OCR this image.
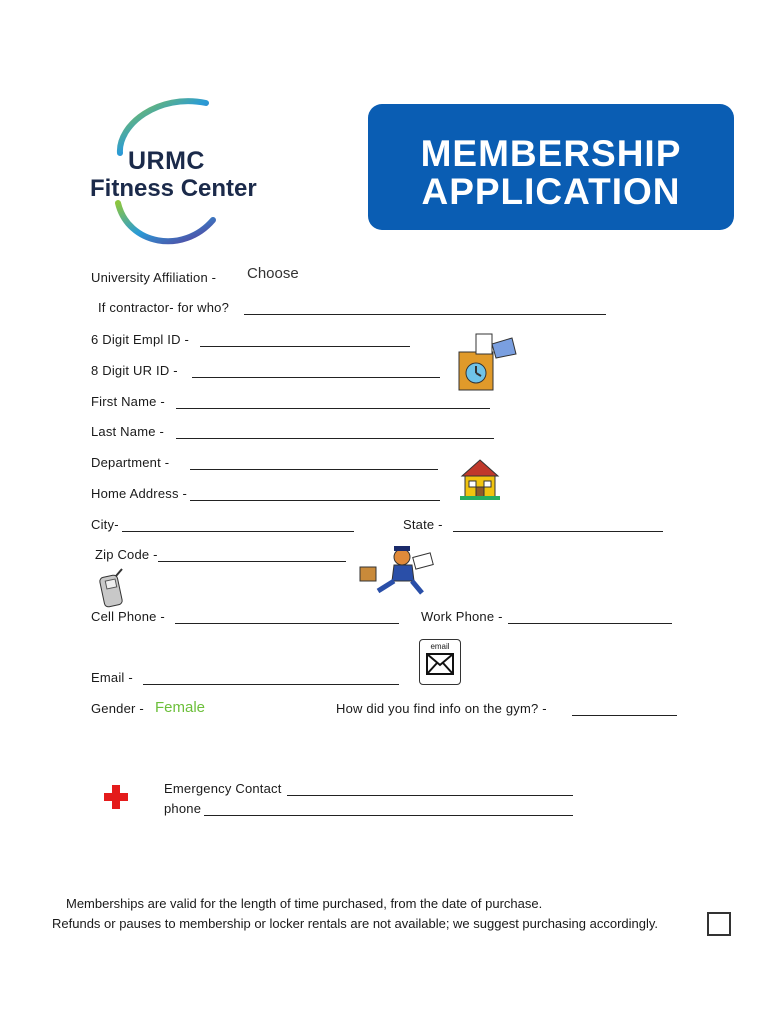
URMC
Fitness Center
MEMBERSHIP
APPLICATION
University Affiliation - Choose
If contractor- for who?
6 Digit Empl ID -
8 Digit UR ID -
First Name -
Last Name -
Department -
Home Address -
City-	State -
Zip Code -
Cell Phone -	Work Phone -
email
Email -
Gender - Female	How did you find info on the gym? -
Emergency Contact
phone
Memberships are valid for the length of time purchased, from the date of purchase.
Refunds or pauses to membership or locker rentals are not available; we suggest purchasing accordingly.
